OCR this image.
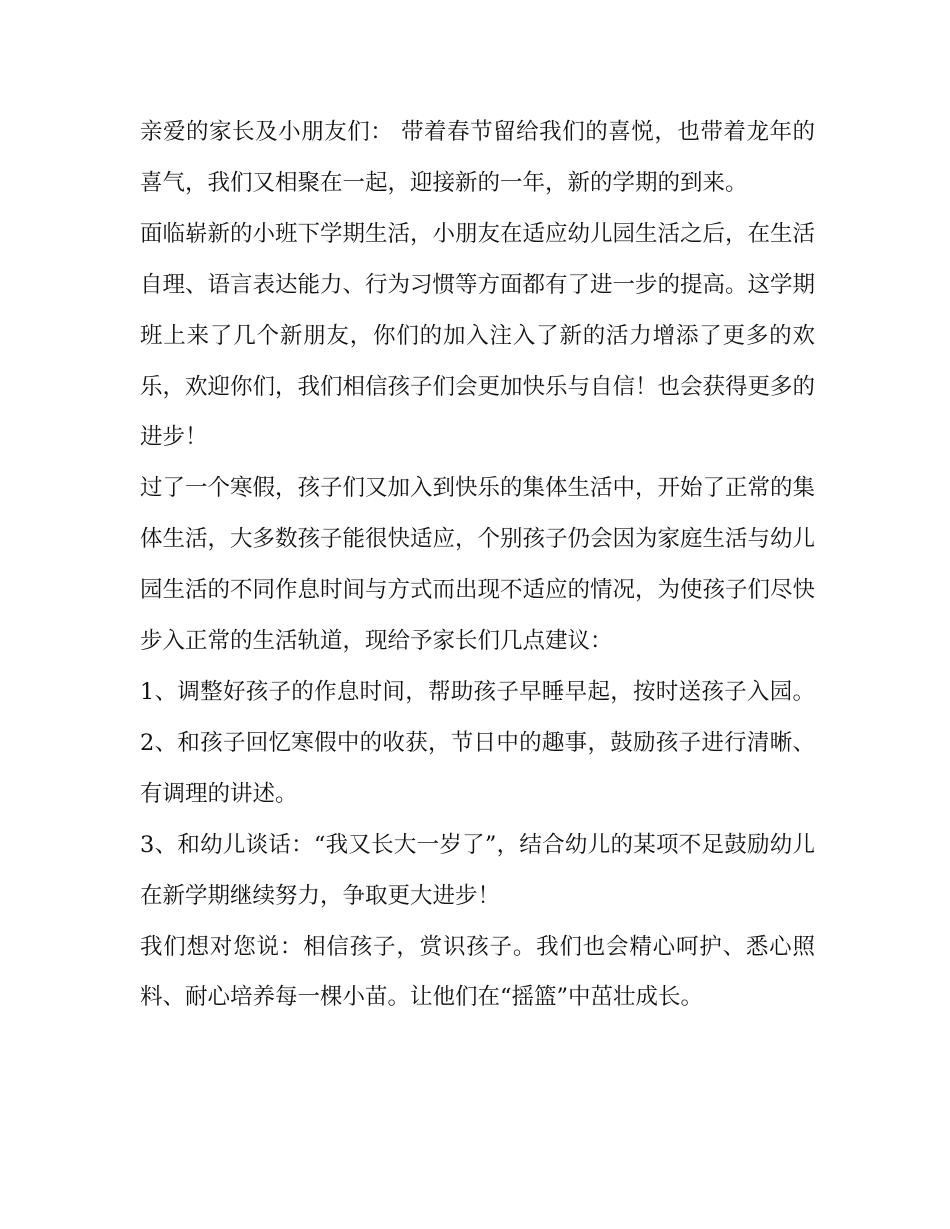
亲爱的家长及小朋友们： 带着春节留给我们的喜悦，也带着龙年的喜气，我们又相聚在一起，迎接新的一年，新的学期的到来。

面临崭新的小班下学期生活，小朋友在适应幼儿园生活之后，在生活自理、语言表达能力、行为习惯等方面都有了进一步的提高。这学期班上来了几个新朋友，你们的加入注入了新的活力增添了更多的欢乐，欢迎你们，我们相信孩子们会更加快乐与自信！也会获得更多的进步！

过了一个寒假，孩子们又加入到快乐的集体生活中，开始了正常的集体生活，大多数孩子能很快适应，个别孩子仍会因为家庭生活与幼儿园生活的不同作息时间与方式而出现不适应的情况，为使孩子们尽快步入正常的生活轨道，现给予家长们几点建议：

1、调整好孩子的作息时间，帮助孩子早睡早起，按时送孩子入园。 2、和孩子回忆寒假中的收获，节日中的趣事，鼓励孩子进行清晰、有调理的讲述。

3、和幼儿谈话：“我又长大一岁了”，结合幼儿的某项不足鼓励幼儿在新学期继续努力，争取更大进步！

我们想对您说：相信孩子，赏识孩子。我们也会精心呵护、悉心照料、耐心培养每一棵小苗。让他们在“摇篮”中茁壮成长。
